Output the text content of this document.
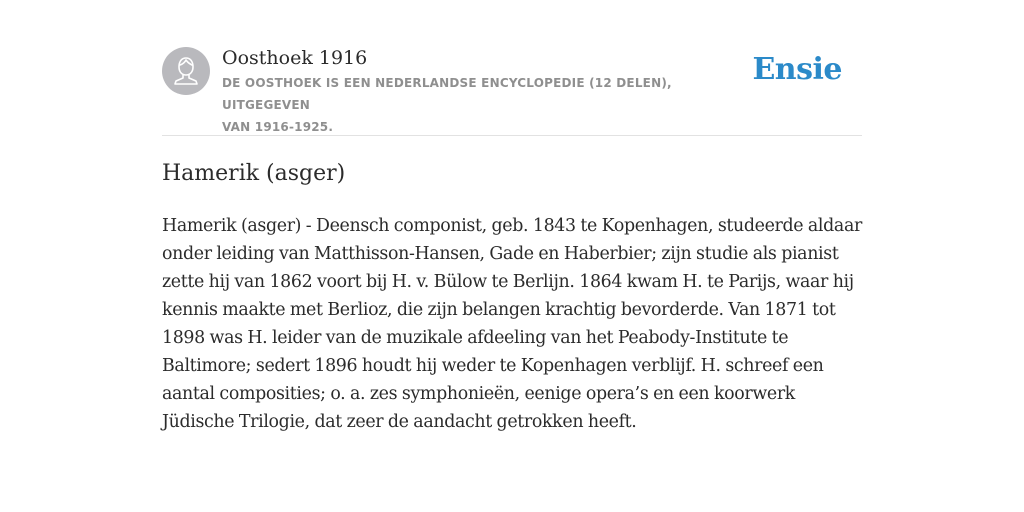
Oosthoek 1916
DE OOSTHOEK IS EEN NEDERLANDSE ENCYCLOPEDIE (12 DELEN), UITGEGEVEN
VAN 1916-1925.
Ensie
Hamerik (asger)

Hamerik (asger) - Deensch componist, geb. 1843 te Kopenhagen, studeerde aldaar
onder leiding van Matthisson-Hansen, Gade en Haberbier; zijn studie als pianist
zette hij van 1862 voort bij H. v. Bülow te Berlijn. 1864 kwam H. te Parijs, waar hij
kennis maakte met Berlioz, die zijn belangen krachtig bevorderde. Van 1871 tot
1898 was H. leider van de muzikale afdeeling van het Peabody-Institute te
Baltimore; sedert 1896 houdt hij weder te Kopenhagen verblijf. H. schreef een
aantal composities; o. a. zes symphonieën, eenige opera’s en een koorwerk
Jüdische Trilogie, dat zeer de aandacht getrokken heeft.
